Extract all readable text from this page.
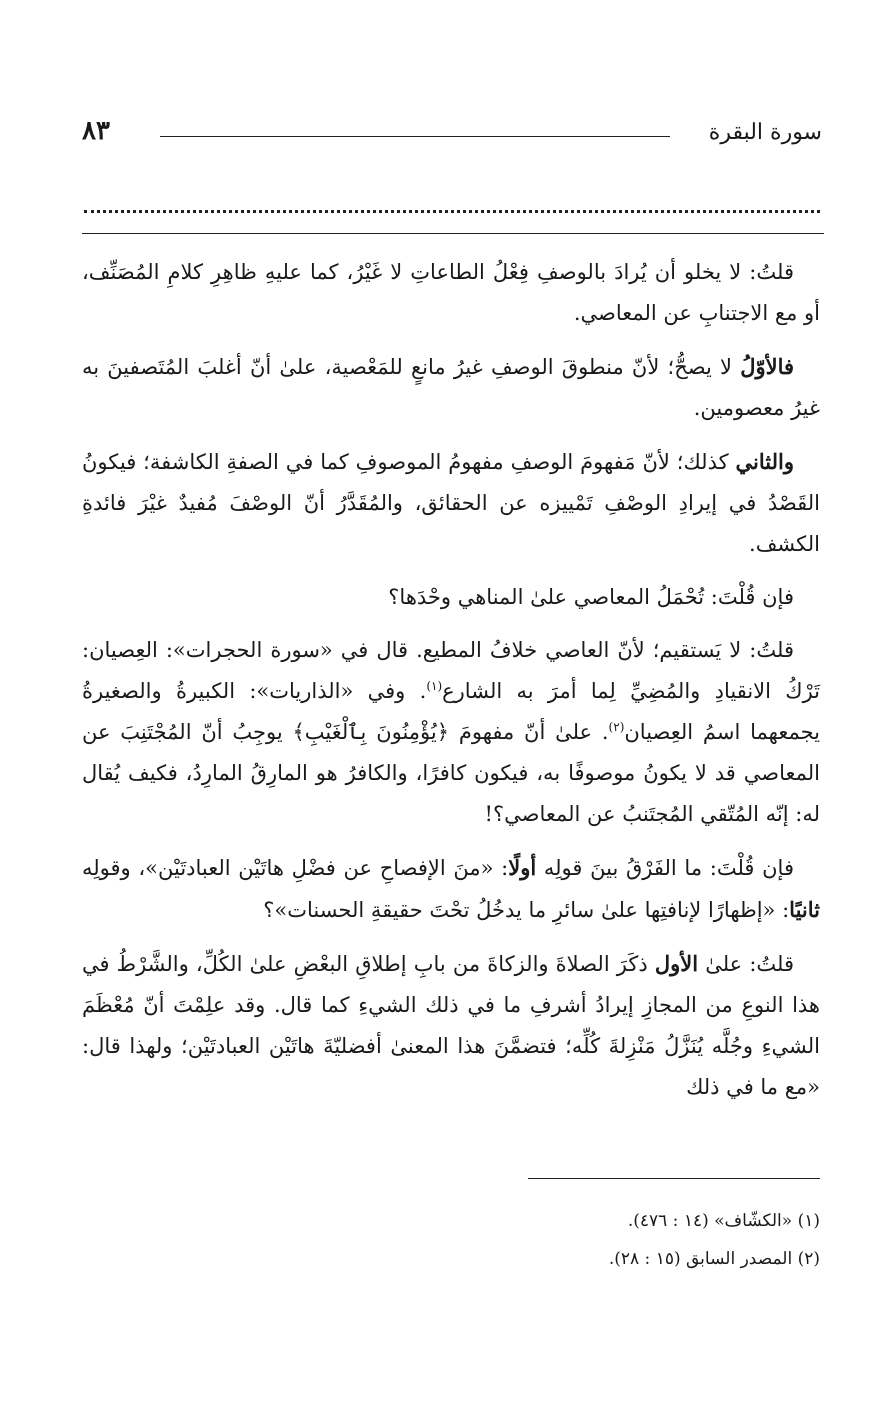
سورة البقرة
٨٣

قلتُ: لا يخلو أن يُرادَ بالوصفِ فِعْلُ الطاعاتِ لا غَيْرُ، كما عليهِ ظاهِرِ كلامِ المُصَنِّف، أو مع الاجتنابِ عن المعاصي.

فالأوّلُ لا يصحُّ؛ لأنّ منطوقَ الوصفِ غيرُ مانعٍ للمَعْصية، علىٰ أنّ أغلبَ المُتَصفينَ به غيرُ معصومين.

والثاني كذلك؛ لأنّ مَفهومَ الوصفِ مفهومُ الموصوفِ كما في الصفةِ الكاشفة؛ فيكونُ القَصْدُ في إيرادِ الوصْفِ تَمْييزه عن الحقائق، والمُقَدَّرُ أنّ الوصْفَ مُفيدٌ غيْرَ فائدةِ الكشف.

فإن قُلْتَ: تُحْمَلُ المعاصي علىٰ المناهي وحْدَها؟

قلتُ: لا يَستقيم؛ لأنّ العاصي خلافُ المطيع. قال في «سورة الحجرات»: العِصيان: تَرْكُ الانقيادِ والمُضِيِّ لِما أمرَ به الشارع$^{(١)}$. وفي «الذاريات»: الكبيرةُ والصغيرةُ يجمعهما اسمُ العِصيان$^{(٢)}$. علىٰ أنّ مفهومَ ﴿يُؤْمِنُونَ بِٱلْغَيْبِ﴾ يوجِبُ أنّ المُجْتَنِبَ عن المعاصي قد لا يكونُ موصوفًا به، فيكون كافرًا، والكافرُ هو المارِقُ المارِدُ، فكيف يُقال له: إنّه المُتّقي المُجتَنبُ عن المعاصي؟!

فإن قُلْتَ: ما الفَرْقُ بينَ قولِه أولًا: «منَ الإفصاحِ عن فضْلِ هاتَيْن العبادتَيْن»، وقولِه ثانيًا: «إظهارًا لإنافتِها علىٰ سائرِ ما يدخُلُ تحْتَ حقيقةِ الحسنات»؟

قلتُ: علىٰ الأول ذكَرَ الصلاةَ والزكاةَ من بابِ إطلاقِ البعْضِ علىٰ الكُلِّ، والشَّرْطُ في هذا النوعِ من المجازِ إيرادُ أشرفِ ما في ذلك الشيءِ كما قال. وقد علِمْتَ أنّ مُعْظَمَ الشيءِ وجُلَّه يُنَزَّلُ مَنْزِلةَ كُلِّه؛ فتضمَّنَ هذا المعنىٰ أفضليّةَ هاتَيْن العبادتَيْن؛ ولهذا قال: «مع ما في ذلك

(١) «الكشّاف» (١٤ : ٤٧٦).

(٢) المصدر السابق (١٥ : ٢٨).
